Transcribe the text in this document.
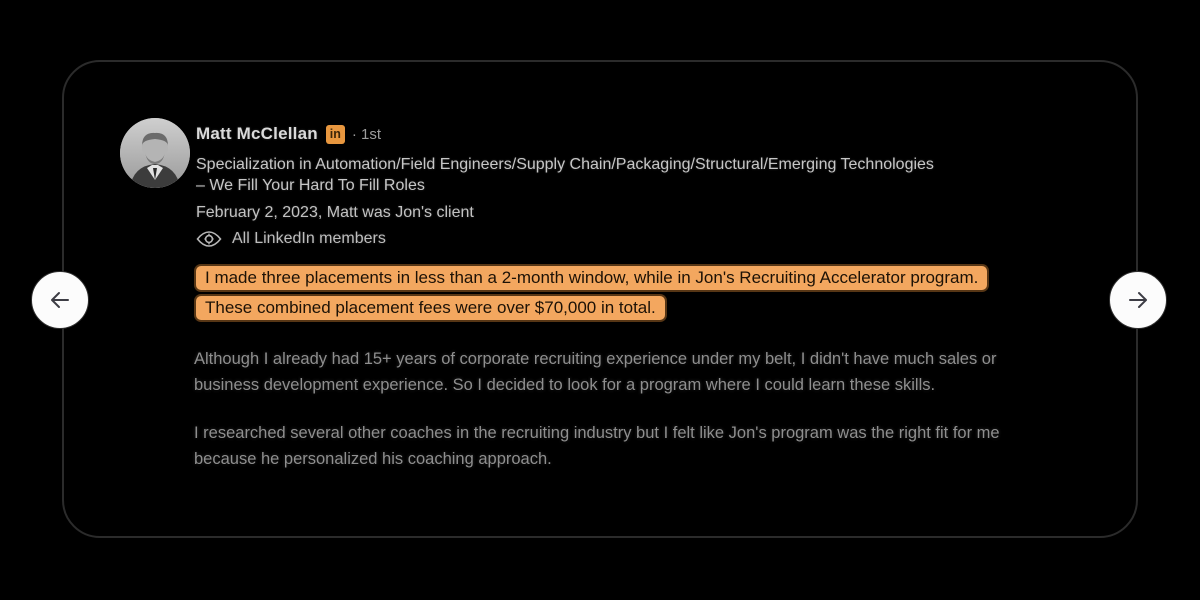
Matt McClellan in · 1st
Specialization in Automation/Field Engineers/Supply Chain/Packaging/Structural/Emerging Technologies – We Fill Your Hard To Fill Roles
February 2, 2023, Matt was Jon's client
All LinkedIn members
I made three placements in less than a 2-month window, while in Jon's Recruiting Accelerator program.
These combined placement fees were over $70,000 in total.

Although I already had 15+ years of corporate recruiting experience under my belt, I didn't have much sales or business development experience. So I decided to look for a program where I could learn these skills.

I researched several other coaches in the recruiting industry but I felt like Jon's program was the right fit for me because he personalized his coaching approach.
